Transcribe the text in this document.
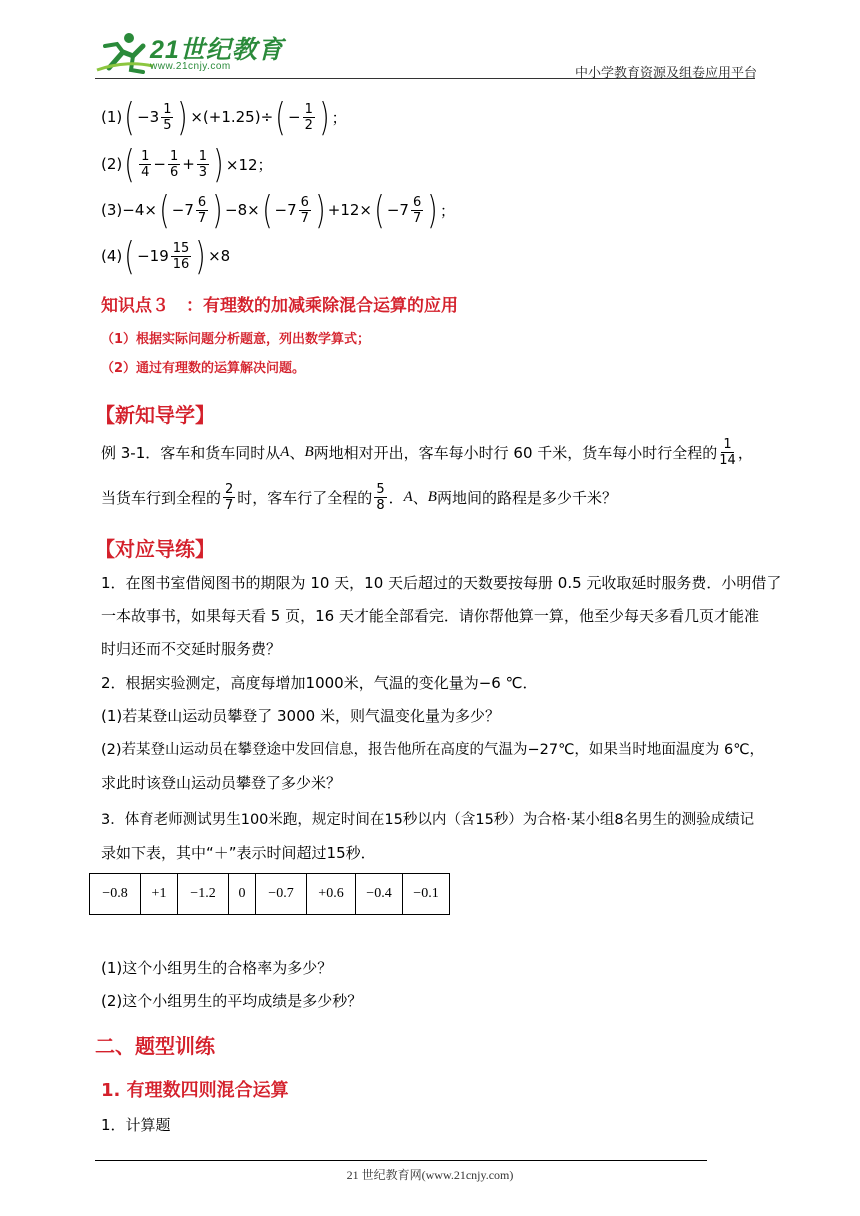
21世纪教育
www.21cnjy.com	中小学教育资源及组卷应用平台
(1) ( $-3 \frac{1}{5}$ ) × ( +1.25 ) ÷ ( − $\frac{1}{2}$ ) ；
(2) ( $\frac{1}{4} - \frac{1}{6} + \frac{1}{3}$ ) ×12；
(3) −4× ( $-7 \frac{6}{7}$ ) −8× ( $-7 \frac{6}{7}$ ) +12× ( $-7 \frac{6}{7}$ ) ；
(4) ( $-19 \frac{15}{16}$ ) ×8
知识点３　：有理数的加减乘除混合运算的应用
（1）根据实际问题分析题意，列出数学算式；
（2）通过有理数的运算解决问题。
【新知导学】
例 3-1．客车和货车同时从 A 、 B 两地相对开出，客车每小时行 60 千米，货车每小时行全程的 $\frac{1}{14}$ ，
当货车行到全程的 $\frac{2}{7}$ 时，客车行了全程的 $\frac{5}{8}$ ． A 、 B 两地间的路程是多少千米？
【对应导练】
1．在图书室借阅图书的期限为 10 天，10 天后超过的天数要按每册 0.5 元收取延时服务费．小明借了
一本故事书，如果每天看 5 页，16 天才能全部看完．请你帮他算一算，他至少每天多看几页才能准
时归还而不交延时服务费？
2．根据实验测定，高度每增加1000米，气温的变化量为−6 ℃．
(1)若某登山运动员攀登了 3000 米，则气温变化量为多少？
(2)若某登山运动员在攀登途中发回信息，报告他所在高度的气温为−27℃，如果当时地面温度为 6℃，
求此时该登山运动员攀登了多少米？
3．体育老师测试男生100米跑，规定时间在15秒以内（含15秒）为合格·某小组8名男生的测验成绩记
录如下表，其中“＋”表示时间超过15秒．
−0.8	+1	−1.2	0	−0.7	+0.6	−0.4	−0.1
(1)这个小组男生的合格率为多少？
(2)这个小组男生的平均成绩是多少秒？
二、题型训练
1. 有理数四则混合运算
1．计算题
21 世纪教育网(www.21cnjy.com)
